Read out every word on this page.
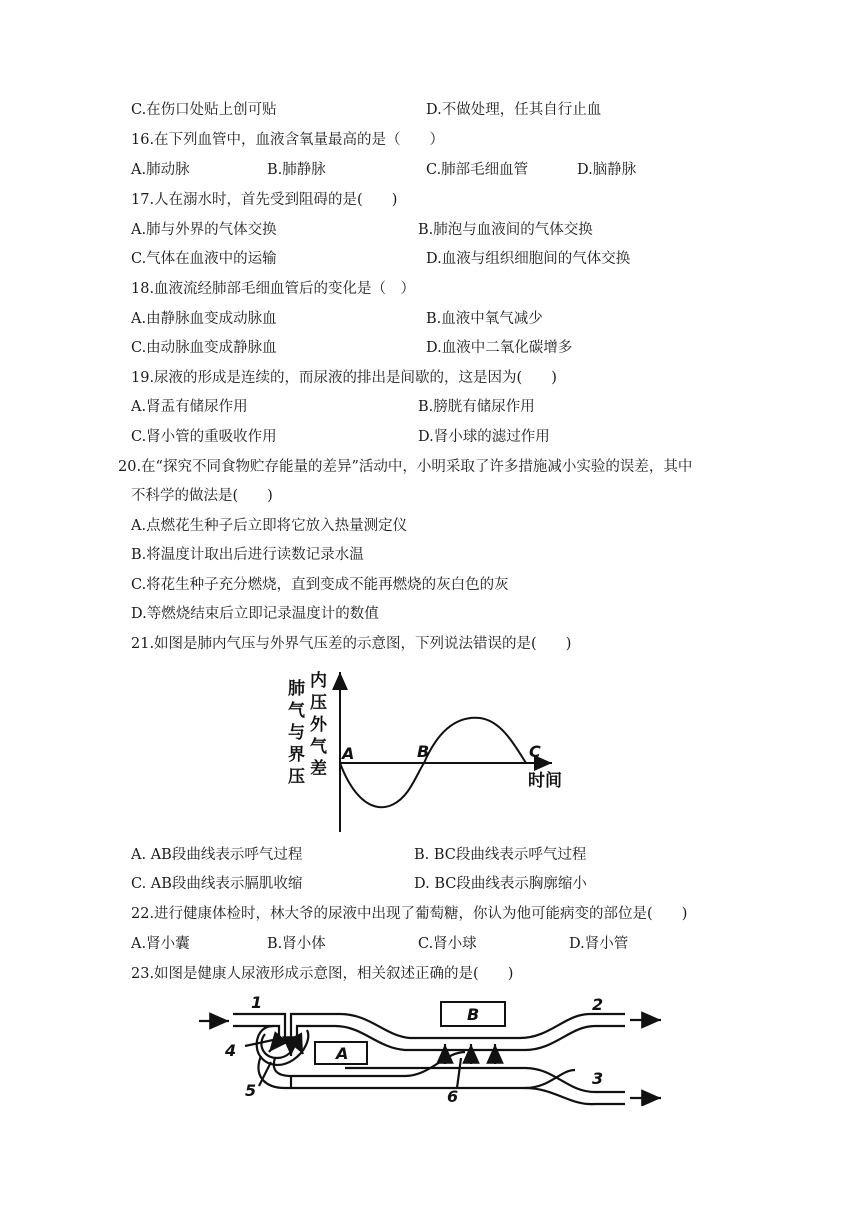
C.在伤口处贴上创可贴	D.不做处理，任其自行止血
16.在下列血管中，血液含氧量最高的是（　　）
A.肺动脉	B.肺静脉	C.肺部毛细血管	D.脑静脉
17.人在溺水时，首先受到阻碍的是(　　)
A.肺与外界的气体交换	B.肺泡与血液间的气体交换
C.气体在血液中的运输	D.血液与组织细胞间的气体交换
18.血液流经肺部毛细血管后的变化是（　）
A.由静脉血变成动脉血	B.血液中氧气减少
C.由动脉血变成静脉血	D.血液中二氧化碳增多
19.尿液的形成是连续的，而尿液的排出是间歇的，这是因为(　　)
A.肾盂有储尿作用	B.膀胱有储尿作用
C.肾小管的重吸收作用	D.肾小球的滤过作用
20.在“探究不同食物贮存能量的差异”活动中，小明采取了许多措施减小实验的误差，其中
不科学的做法是(　　)
A.点燃花生种子后立即将它放入热量测定仪
B.将温度计取出后进行读数记录水温
C.将花生种子充分燃烧，直到变成不能再燃烧的灰白色的灰
D.等燃烧结束后立即记录温度计的数值
21.如图是肺内气压与外界气压差的示意图，下列说法错误的是(　　)
肺 内
气 压
与 外
界 气
压 差
A	B	C
时间
A. AB段曲线表示呼气过程	B. BC段曲线表示呼气过程
C. AB段曲线表示膈肌收缩	D. BC段曲线表示胸廓缩小
22.进行健康体检时，林大爷的尿液中出现了葡萄糖，你认为他可能病变的部位是(　　)
A.肾小囊	B.肾小体	C.肾小球	D.肾小管
23.如图是健康人尿液形成示意图，相关叙述正确的是(　　)
A
B
1	2
3
4
5	6
